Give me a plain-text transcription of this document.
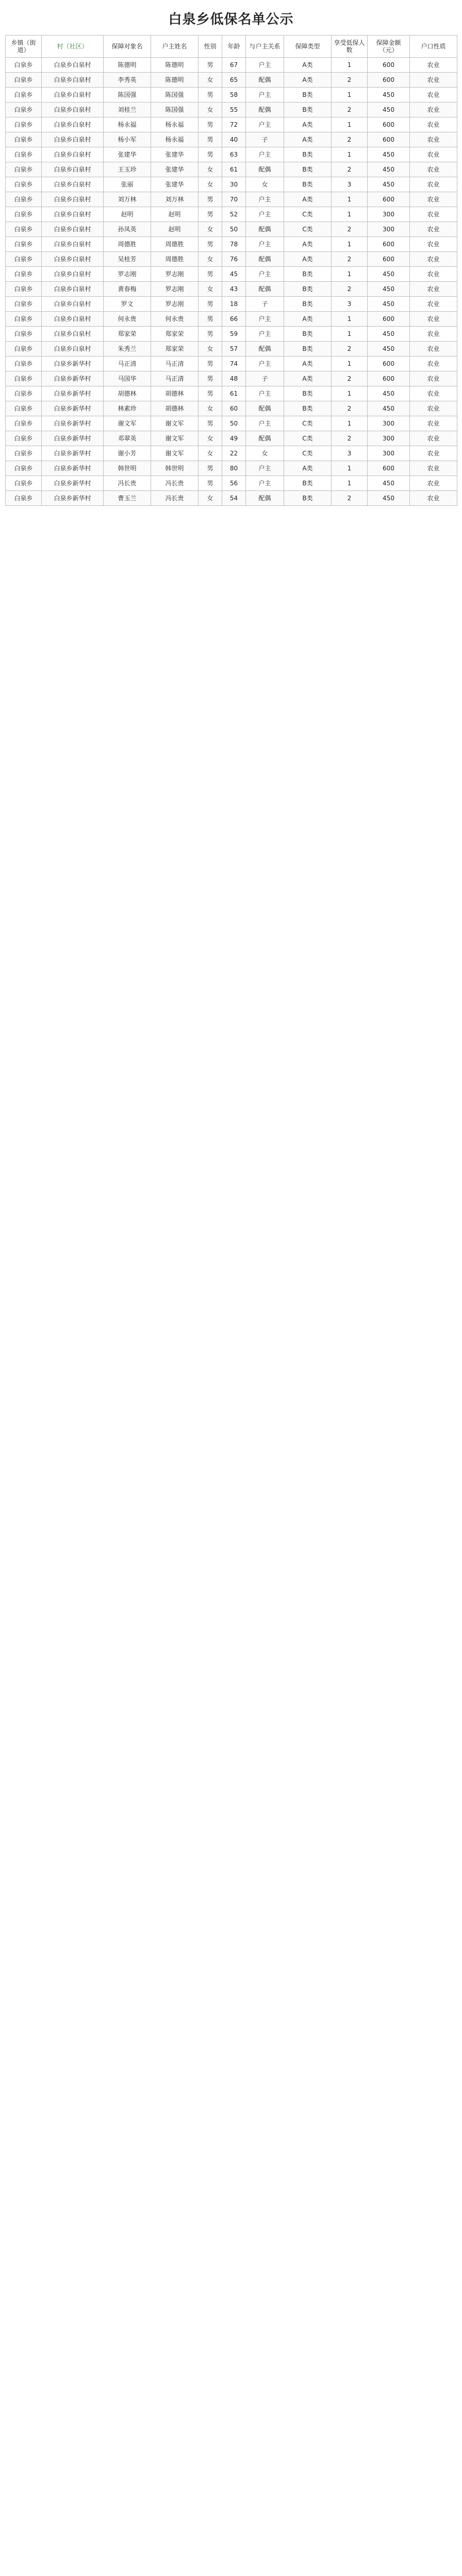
白泉乡低保名单公示
乡镇（街道）	村（社区）	保障对象名	户主姓名	性别	年龄	与户主关系	保障类型	享受低保人数	保障金额（元）	户口性质
白泉乡	白泉乡白泉村	陈德明	陈德明	男	67	户主	A类	1	600	农业
白泉乡	白泉乡白泉村	李秀英	陈德明	女	65	配偶	A类	2	600	农业
白泉乡	白泉乡白泉村	陈国强	陈国强	男	58	户主	B类	1	450	农业
白泉乡	白泉乡白泉村	刘桂兰	陈国强	女	55	配偶	B类	2	450	农业
白泉乡	白泉乡白泉村	杨永福	杨永福	男	72	户主	A类	1	600	农业
白泉乡	白泉乡白泉村	杨小军	杨永福	男	40	子	A类	2	600	农业
白泉乡	白泉乡白泉村	张建华	张建华	男	63	户主	B类	1	450	农业
白泉乡	白泉乡白泉村	王玉珍	张建华	女	61	配偶	B类	2	450	农业
白泉乡	白泉乡白泉村	张丽	张建华	女	30	女	B类	3	450	农业
白泉乡	白泉乡白泉村	刘万林	刘万林	男	70	户主	A类	1	600	农业
白泉乡	白泉乡白泉村	赵明	赵明	男	52	户主	C类	1	300	农业
白泉乡	白泉乡白泉村	孙凤英	赵明	女	50	配偶	C类	2	300	农业
白泉乡	白泉乡白泉村	周德胜	周德胜	男	78	户主	A类	1	600	农业
白泉乡	白泉乡白泉村	吴桂芳	周德胜	女	76	配偶	A类	2	600	农业
白泉乡	白泉乡白泉村	罗志刚	罗志刚	男	45	户主	B类	1	450	农业
白泉乡	白泉乡白泉村	黄春梅	罗志刚	女	43	配偶	B类	2	450	农业
白泉乡	白泉乡白泉村	罗文	罗志刚	男	18	子	B类	3	450	农业
白泉乡	白泉乡白泉村	何永贵	何永贵	男	66	户主	A类	1	600	农业
白泉乡	白泉乡白泉村	郑家荣	郑家荣	男	59	户主	B类	1	450	农业
白泉乡	白泉乡白泉村	朱秀兰	郑家荣	女	57	配偶	B类	2	450	农业
白泉乡	白泉乡新华村	马正清	马正清	男	74	户主	A类	1	600	农业
白泉乡	白泉乡新华村	马国华	马正清	男	48	子	A类	2	600	农业
白泉乡	白泉乡新华村	胡德林	胡德林	男	61	户主	B类	1	450	农业
白泉乡	白泉乡新华村	林素珍	胡德林	女	60	配偶	B类	2	450	农业
白泉乡	白泉乡新华村	谢文军	谢文军	男	50	户主	C类	1	300	农业
白泉乡	白泉乡新华村	邓翠英	谢文军	女	49	配偶	C类	2	300	农业
白泉乡	白泉乡新华村	谢小芳	谢文军	女	22	女	C类	3	300	农业
白泉乡	白泉乡新华村	韩世明	韩世明	男	80	户主	A类	1	600	农业
白泉乡	白泉乡新华村	冯长贵	冯长贵	男	56	户主	B类	1	450	农业
白泉乡	白泉乡新华村	曹玉兰	冯长贵	女	54	配偶	B类	2	450	农业
